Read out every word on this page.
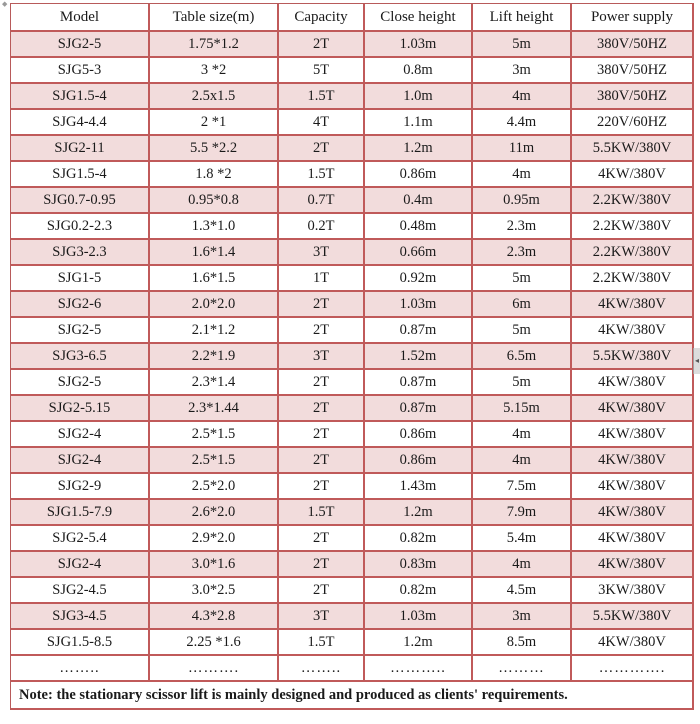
◆
Model	Table size(m)	Capacity	Close height	Lift height	Power supply
SJG2-5	1.75*1.2	2T	1.03m	5m	380V/50HZ
SJG5-3	3 *2	5T	0.8m	3m	380V/50HZ
SJG1.5-4	2.5x1.5	1.5T	1.0m	4m	380V/50HZ
SJG4-4.4	2 *1	4T	1.1m	4.4m	220V/60HZ
SJG2-11	5.5 *2.2	2T	1.2m	11m	5.5KW/380V
SJG1.5-4	1.8 *2	1.5T	0.86m	4m	4KW/380V
SJG0.7-0.95	0.95*0.8	0.7T	0.4m	0.95m	2.2KW/380V
SJG0.2-2.3	1.3*1.0	0.2T	0.48m	2.3m	2.2KW/380V
SJG3-2.3	1.6*1.4	3T	0.66m	2.3m	2.2KW/380V
SJG1-5	1.6*1.5	1T	0.92m	5m	2.2KW/380V
SJG2-6	2.0*2.0	2T	1.03m	6m	4KW/380V
SJG2-5	2.1*1.2	2T	0.87m	5m	4KW/380V
SJG3-6.5	2.2*1.9	3T	1.52m	6.5m	5.5KW/380V
SJG2-5	2.3*1.4	2T	0.87m	5m	4KW/380V
SJG2-5.15	2.3*1.44	2T	0.87m	5.15m	4KW/380V
SJG2-4	2.5*1.5	2T	0.86m	4m	4KW/380V
SJG2-4	2.5*1.5	2T	0.86m	4m	4KW/380V
SJG2-9	2.5*2.0	2T	1.43m	7.5m	4KW/380V
SJG1.5-7.9	2.6*2.0	1.5T	1.2m	7.9m	4KW/380V
SJG2-5.4	2.9*2.0	2T	0.82m	5.4m	4KW/380V
SJG2-4	3.0*1.6	2T	0.83m	4m	4KW/380V
SJG2-4.5	3.0*2.5	2T	0.82m	4.5m	3KW/380V
SJG3-4.5	4.3*2.8	3T	1.03m	3m	5.5KW/380V
SJG1.5-8.5	2.25 *1.6	1.5T	1.2m	8.5m	4KW/380V
……..	……….	……..	………..	………	………….
Note: the stationary scissor lift is mainly designed and produced as clients' requirements.					
◂
